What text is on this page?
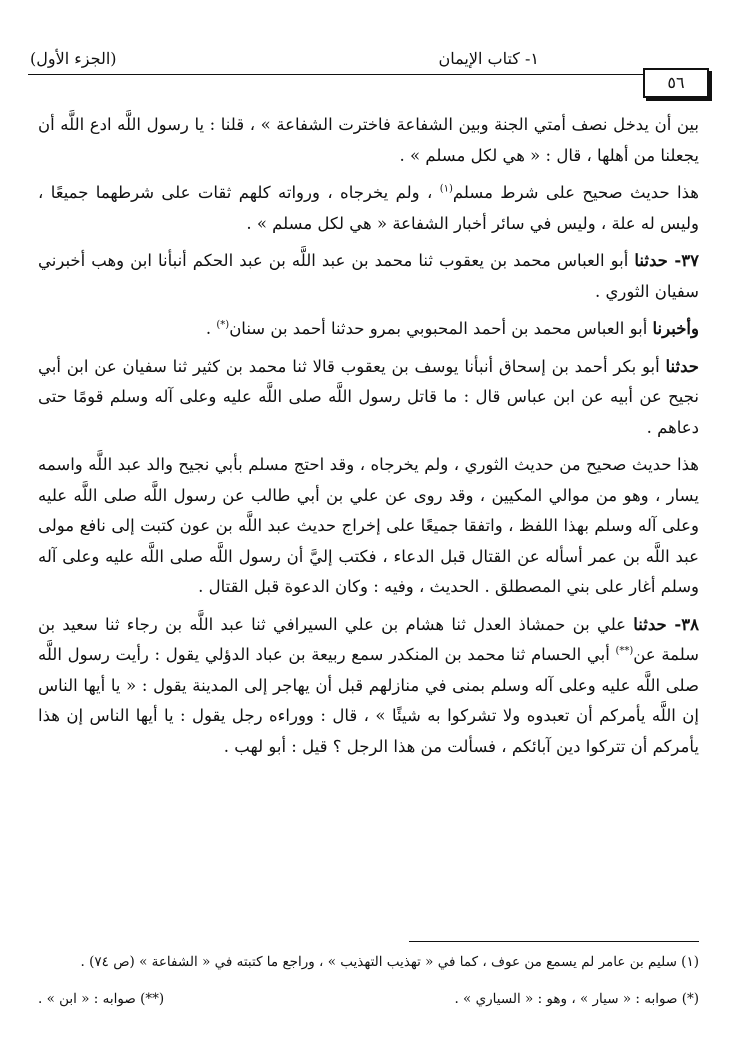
١- كتاب الإيمان
(الجزء الأول)
٥٦

بين أن يدخل نصف أمتي الجنة وبين الشفاعة فاخترت الشفاعة » ، قلنا : يا رسول اللَّه ادع اللَّه أن يجعلنا من أهلها ، قال : « هي لكل مسلم » .

هذا حديث صحيح على شرط مسلم$^{(١)}$ ، ولم يخرجاه ، ورواته كلهم ثقات على شرطهما جميعًا ، وليس له علة ، وليس في سائر أخبار الشفاعة « هي لكل مسلم » .

٣٧- حدثنا أبو العباس محمد بن يعقوب ثنا محمد بن عبد اللَّه بن عبد الحكم أنبأنا ابن وهب أخبرني سفيان الثوري .

وأخبرنا أبو العباس محمد بن أحمد المحبوبي بمرو حدثنا أحمد بن سنان(*) .

حدثنا أبو بكر أحمد بن إسحاق أنبأنا يوسف بن يعقوب قالا ثنا محمد بن كثير ثنا سفيان عن ابن أبي نجيح عن أبيه عن ابن عباس قال : ما قاتل رسول اللَّه صلى اللَّه عليه وعلى آله وسلم قومًا حتى دعاهم .

هذا حديث صحيح من حديث الثوري ، ولم يخرجاه ، وقد احتج مسلم بأبي نجيح والد عبد اللَّه واسمه يسار ، وهو من موالي المكيين ، وقد روى عن علي بن أبي طالب عن رسول اللَّه صلى اللَّه عليه وعلى آله وسلم بهذا اللفظ ، واتفقا جميعًا على إخراج حديث عبد اللَّه بن عون كتبت إلى نافع مولى عبد اللَّه بن عمر أسأله عن القتال قبل الدعاء ، فكتب إليَّ أن رسول اللَّه صلى اللَّه عليه وعلى آله وسلم أغار على بني المصطلق . الحديث ، وفيه : وكان الدعوة قبل القتال .

٣٨- حدثنا علي بن حمشاذ العدل ثنا هشام بن علي السيرافي ثنا عبد اللَّه بن رجاء ثنا سعيد بن سلمة عن(**) أبي الحسام ثنا محمد بن المنكدر سمع ربيعة بن عباد الدؤلي يقول : رأيت رسول اللَّه صلى اللَّه عليه وعلى آله وسلم بمنى في منازلهم قبل أن يهاجر إلى المدينة يقول : « يا أيها الناس إن اللَّه يأمركم أن تعبدوه ولا تشركوا به شيئًا » ، قال : ووراءه رجل يقول : يا أيها الناس إن هذا يأمركم أن تتركوا دين آبائكم ، فسألت من هذا الرجل ؟ قيل : أبو لهب .

(١) سليم بن عامر لم يسمع من عوف ، كما في « تهذيب التهذيب » ، وراجع ما كتبته في « الشفاعة » (ص ٧٤) .

(*) صوابه : « سيار » ، وهو : « السياري » .
(**) صوابه : « ابن » .
